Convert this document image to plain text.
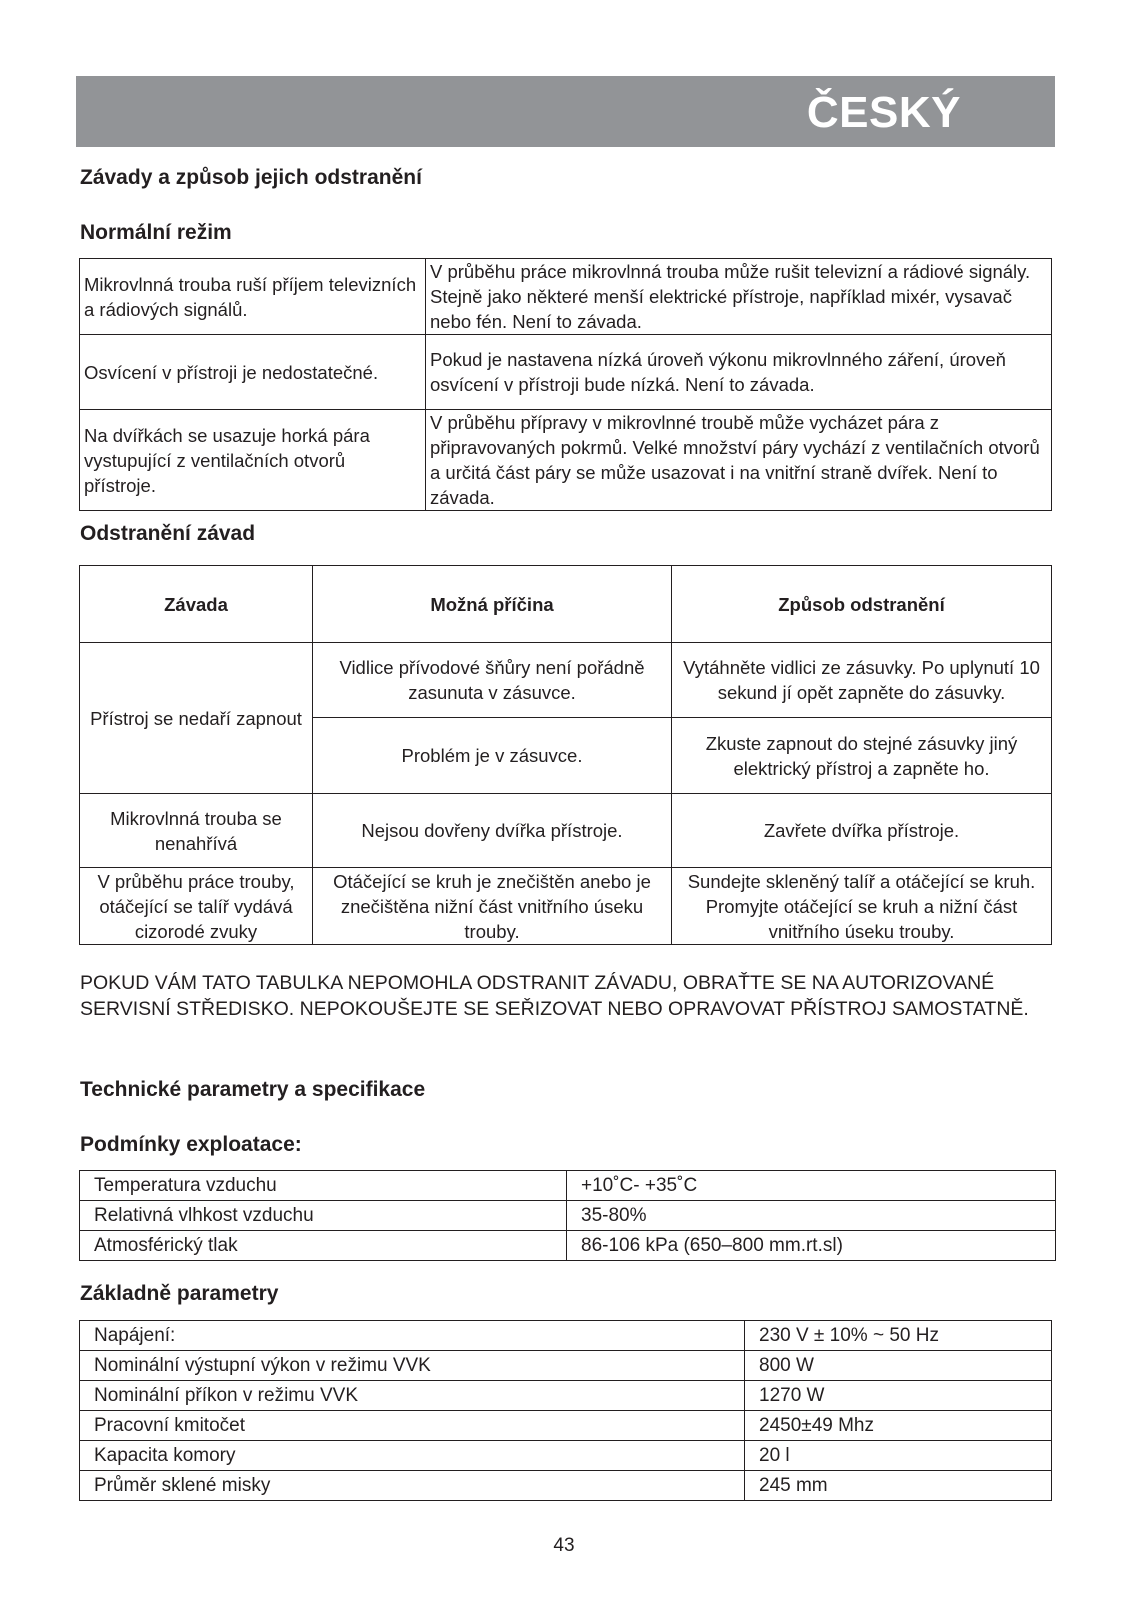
ČESKÝ
Závady a způsob jejich odstranění
Normální režim
Mikrovlnná trouba ruší příjem televizních a rádiových signálů.	V průběhu práce mikrovlnná trouba může rušit televizní a rádiové signály. Stejně jako některé menší elektrické přístroje, například mixér, vysavač nebo fén. Není to závada.
Osvícení v přístroji je nedostatečné.	Pokud je nastavena nízká úroveň výkonu mikrovlnného záření, úroveň osvícení v přístroji bude nízká. Není to závada.
Na dvířkách se usazuje horká pára vystupující z ventilačních otvorů přístroje.	V průběhu přípravy v mikrovlnné troubě může vycházet pára z připravovaných pokrmů. Velké množství páry vychází z ventilačních otvorů a určitá část páry se může usazovat i na vnitřní straně dvířek. Není to závada.
Odstranění závad
Závada	Možná příčina	Způsob odstranění
Přístroj se nedaří zapnout	Vidlice přívodové šňůry není pořádně zasunuta v zásuvce.	Vytáhněte vidlici ze zásuvky. Po uplynutí 10 sekund jí opět zapněte do zásuvky.
	Problém je v zásuvce.	Zkuste zapnout do stejné zásuvky jiný elektrický přístroj a zapněte ho.
Mikrovlnná trouba se nenahřívá	Nejsou dovřeny dvířka přístroje.	Zavřete dvířka přístroje.
V průběhu práce trouby, otáčející se talíř vydává cizorodé zvuky	Otáčející se kruh je znečištěn anebo je znečištěna nižní část vnitřního úseku trouby.	Sundejte skleněný talíř a otáčející se kruh. Promyjte otáčející se kruh a nižní část vnitřního úseku trouby.

POKUD VÁM TATO TABULKA NEPOMOHLA ODSTRANIT ZÁVADU, OBRAŤTE SE NA AUTORIZOVANÉ SERVISNÍ STŘEDISKO. NEPOKOUŠEJTE SE SEŘIZOVAT NEBO OPRAVOVAT PŘÍSTROJ SAMOSTATNĚ.

Technické parametry a specifikace
Podmínky exploatace:
Temperatura vzduchu	+10˚C- +35˚C
Relativná vlhkost vzduchu	35-80%
Atmosférický tlak	86-106 kPa (650–800 mm.rt.sl)
Základně parametry
Napájení:	230 V ± 10% ~ 50 Hz
Nominální výstupní výkon v režimu VVK	800 W
Nominální příkon v režimu VVK	1270 W
Pracovní kmitočet	2450±49 Mhz
Kapacita komory	20 l
Průměr sklené misky	245 mm
43
